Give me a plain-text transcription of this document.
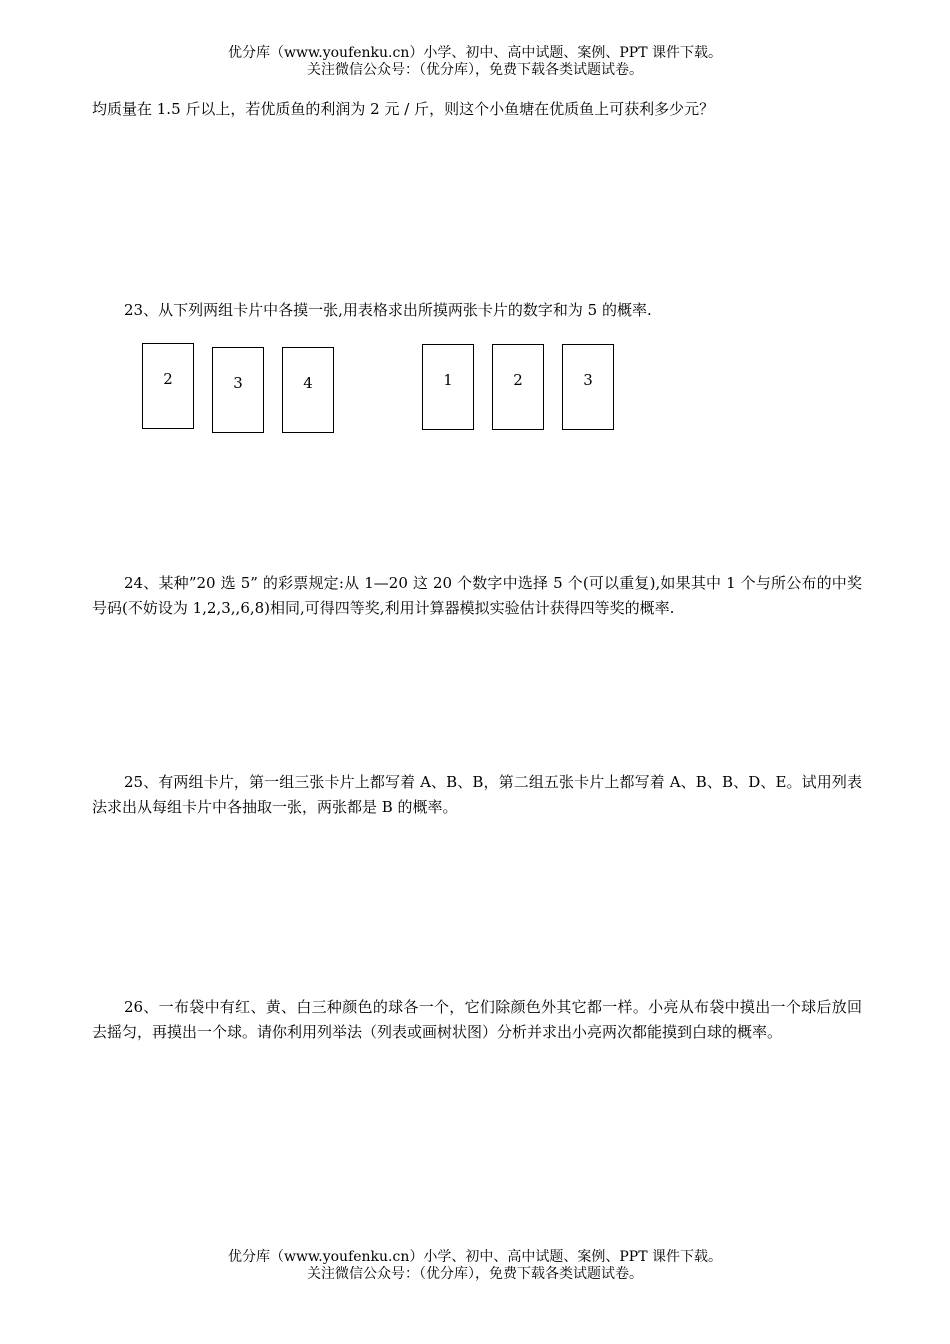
优分库（www.youfenku.cn）小学、初中、高中试题、案例、PPT 课件下载。
关注微信公众号：（优分库），免费下载各类试题试卷。
均质量在 1.5 斤以上，若优质鱼的利润为 2 元 / 斤，则这个小鱼塘在优质鱼上可获利多少元？
23、从下列两组卡片中各摸一张,用表格求出所摸两张卡片的数字和为 5 的概率.
2	3	4	1	2	3
24、某种”20 选 5” 的彩票规定:从 1—20 这 20 个数字中选择 5 个(可以重复),如果其中 1 个与所公布的中奖号码(不妨设为 1,2,3,,6,8)相同,可得四等奖,利用计算器模拟实验估计获得四等奖的概率.
25、有两组卡片，第一组三张卡片上都写着 A、B、B，第二组五张卡片上都写着 A、B、B、D、E。试用列表法求出从每组卡片中各抽取一张，两张都是 B 的概率。
26、一布袋中有红、黄、白三种颜色的球各一个，它们除颜色外其它都一样。小亮从布袋中摸出一个球后放回去摇匀，再摸出一个球。请你利用列举法（列表或画树状图）分析并求出小亮两次都能摸到白球的概率。
优分库（www.youfenku.cn）小学、初中、高中试题、案例、PPT 课件下载。
关注微信公众号：（优分库），免费下载各类试题试卷。
